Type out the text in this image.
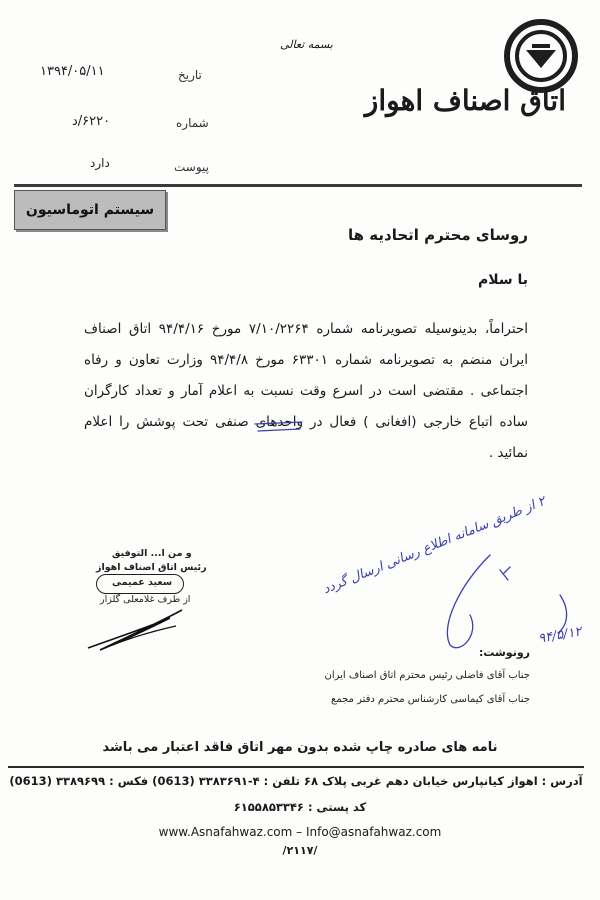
اتاق اصناف اهواز
بسمه تعالی
تاریخ
۱۳۹۴/۰۵/۱۱
شماره
۶۲۲۰/د
پیوست
دارد
سیستم اتوماسیون
روسای محترم اتحادیه ها
با سلام
احتراماً، بدینوسیله تصویرنامه شماره ۷/۱۰/۲۲۶۴ مورخ ۹۴/۴/۱۶ اتاق اصناف ایران منضم به تصویرنامه شماره ۶۳۳۰۱ مورخ ۹۴/۴/۸ وزارت تعاون و رفاه اجتماعی . مقتضی است در اسرع وقت نسبت به اعلام آمار و تعداد کارگران ساده اتباع خارجی (افغانی ) فعال در واحدهای صنفی تحت پوشش را اعلام نمائید .
و من ا... التوفیق
رئیس اتاق اصناف اهواز
سعید عمیمی
از طرف غلامعلی گلزار
۲ از طریق سامانه اطلاع رسانی ارسال گردد
۹۴/۵/۱۲
رونوشت:
جناب آقای فاضلی رئیس محترم اتاق اصناف ایران
جناب آقای کیماسی کارشناس محترم دفتر مجمع
نامه های صادره چاپ شده بدون مهر اتاق فاقد اعتبار می باشد
آدرس : اهواز کیانپارس خیابان دهم غربی پلاک ۶۸ تلفن : ۴-۳۳۸۳۶۹۱ (0613) فکس : ۳۳۸۹۶۹۹ (0613)
کد پستی : ۶۱۵۵۸۵۳۳۴۶
www.Asnafahwaz.com – Info@asnafahwaz.com
/۲۱۱۷/
